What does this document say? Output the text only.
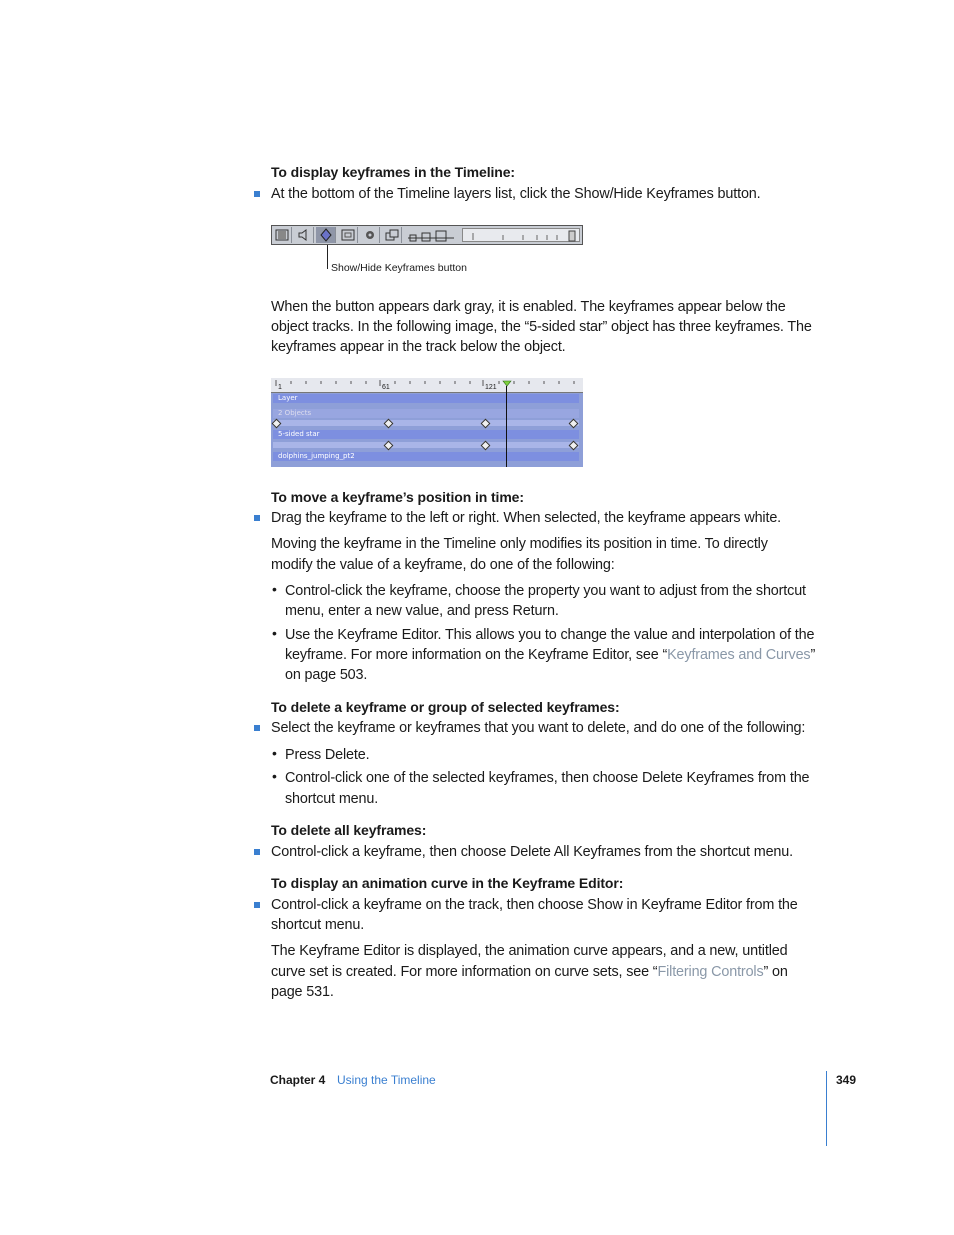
To display keyframes in the Timeline:
At the bottom of the Timeline layers list, click the Show/Hide Keyframes button.
Show/Hide Keyframes button
When the button appears dark gray, it is enabled. The keyframes appear below the
object tracks. In the following image, the “5-sided star” object has three keyframes. The
keyframes appear in the track below the object.
1	61	121
Layer
2 Objects
5-sided star
dolphins_jumping_pt2
To move a keyframe’s position in time:
Drag the keyframe to the left or right. When selected, the keyframe appears white.
Moving the keyframe in the Timeline only modifies its position in time. To directly
modify the value of a keyframe, do one of the following:
• Control-click the keyframe, choose the property you want to adjust from the shortcut
menu, enter a new value, and press Return.
• Use the Keyframe Editor. This allows you to change the value and interpolation of the
keyframe. For more information on the Keyframe Editor, see “Keyframes and Curves”
on page 503.
To delete a keyframe or group of selected keyframes:
Select the keyframe or keyframes that you want to delete, and do one of the following:
• Press Delete.
• Control-click one of the selected keyframes, then choose Delete Keyframes from the
shortcut menu.
To delete all keyframes:
Control-click a keyframe, then choose Delete All Keyframes from the shortcut menu.
To display an animation curve in the Keyframe Editor:
Control-click a keyframe on the track, then choose Show in Keyframe Editor from the
shortcut menu.
The Keyframe Editor is displayed, the animation curve appears, and a new, untitled
curve set is created. For more information on curve sets, see “Filtering Controls” on
page 531.
Chapter 4 Using the Timeline	349
